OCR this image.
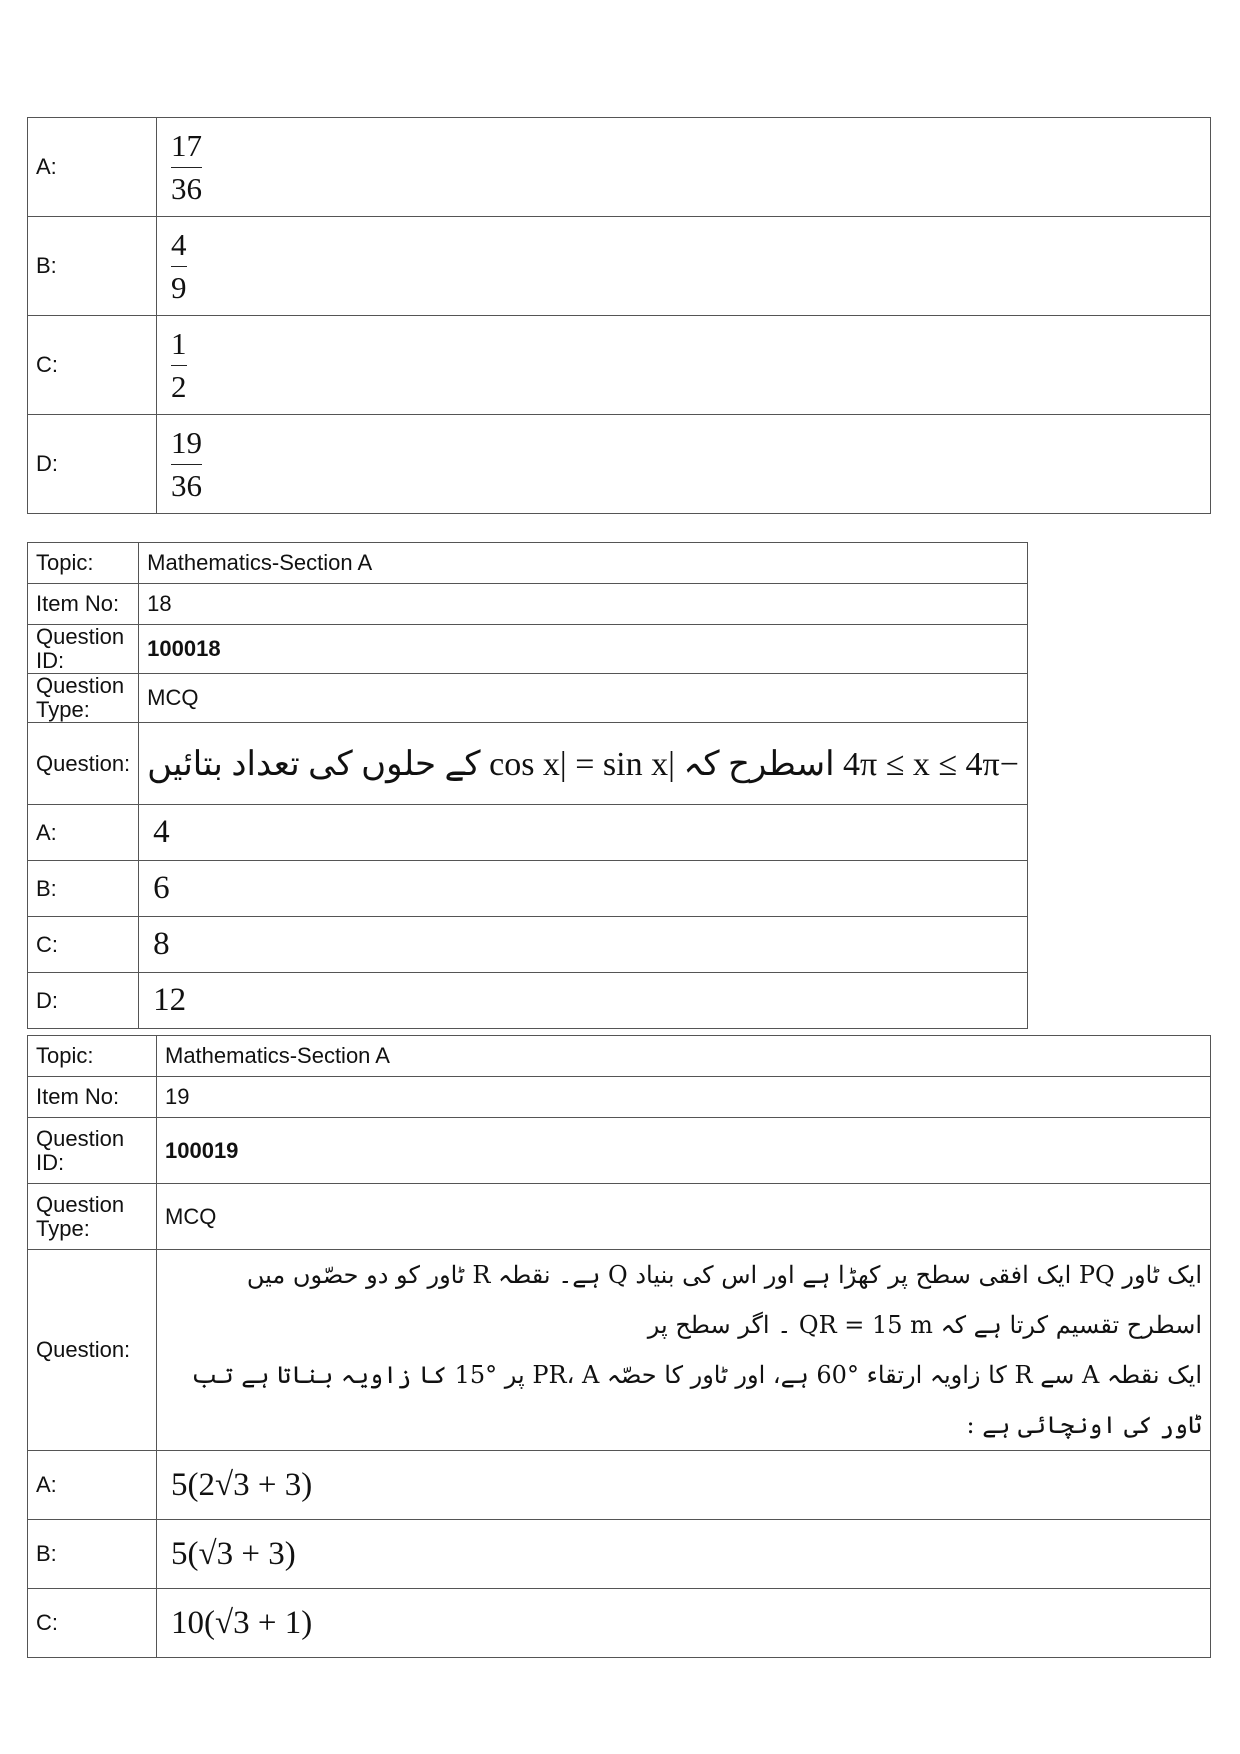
A:	$\frac{17}{36}$

B:	$\frac{4}{9}$

C:	$\frac{1}{2}$

D:	$\frac{19}{36}$
Topic:	Mathematics-Section A
Item No:	18
Question ID:	100018
Question Type:	MCQ
Question:	−4π ≤ x ≤ 4π اسطرح کہ |cos x| = sin x کے حلوں کی تعداد بتائیں

A:	4
B:	6
C:	8
D:	12
Topic:	Mathematics-Section A
Item No:	19
Question ID:	100019
Question Type:	MCQ
Question:	ایک ٹاور PQ ایک افقی سطح پر کھڑا ہے اور اس کی بنیاد Q ہے۔ نقطہ R ٹاور کو دو حصّوں میں اسطرح تقسیم کرتا ہے کہ QR = 15 m ۔ اگر سطح پر
ایک نقطہ A سے R کا زاویہ ارتقاء °60 ہے، اور ٹاور کا حصّہ PR، A پر °15 کا زاویہ بناتا ہے تب ٹاور کی اونچائی ہے :

A:	5(2√3 + 3)
B:	5(√3 + 3)
C:	10(√3 + 1)
